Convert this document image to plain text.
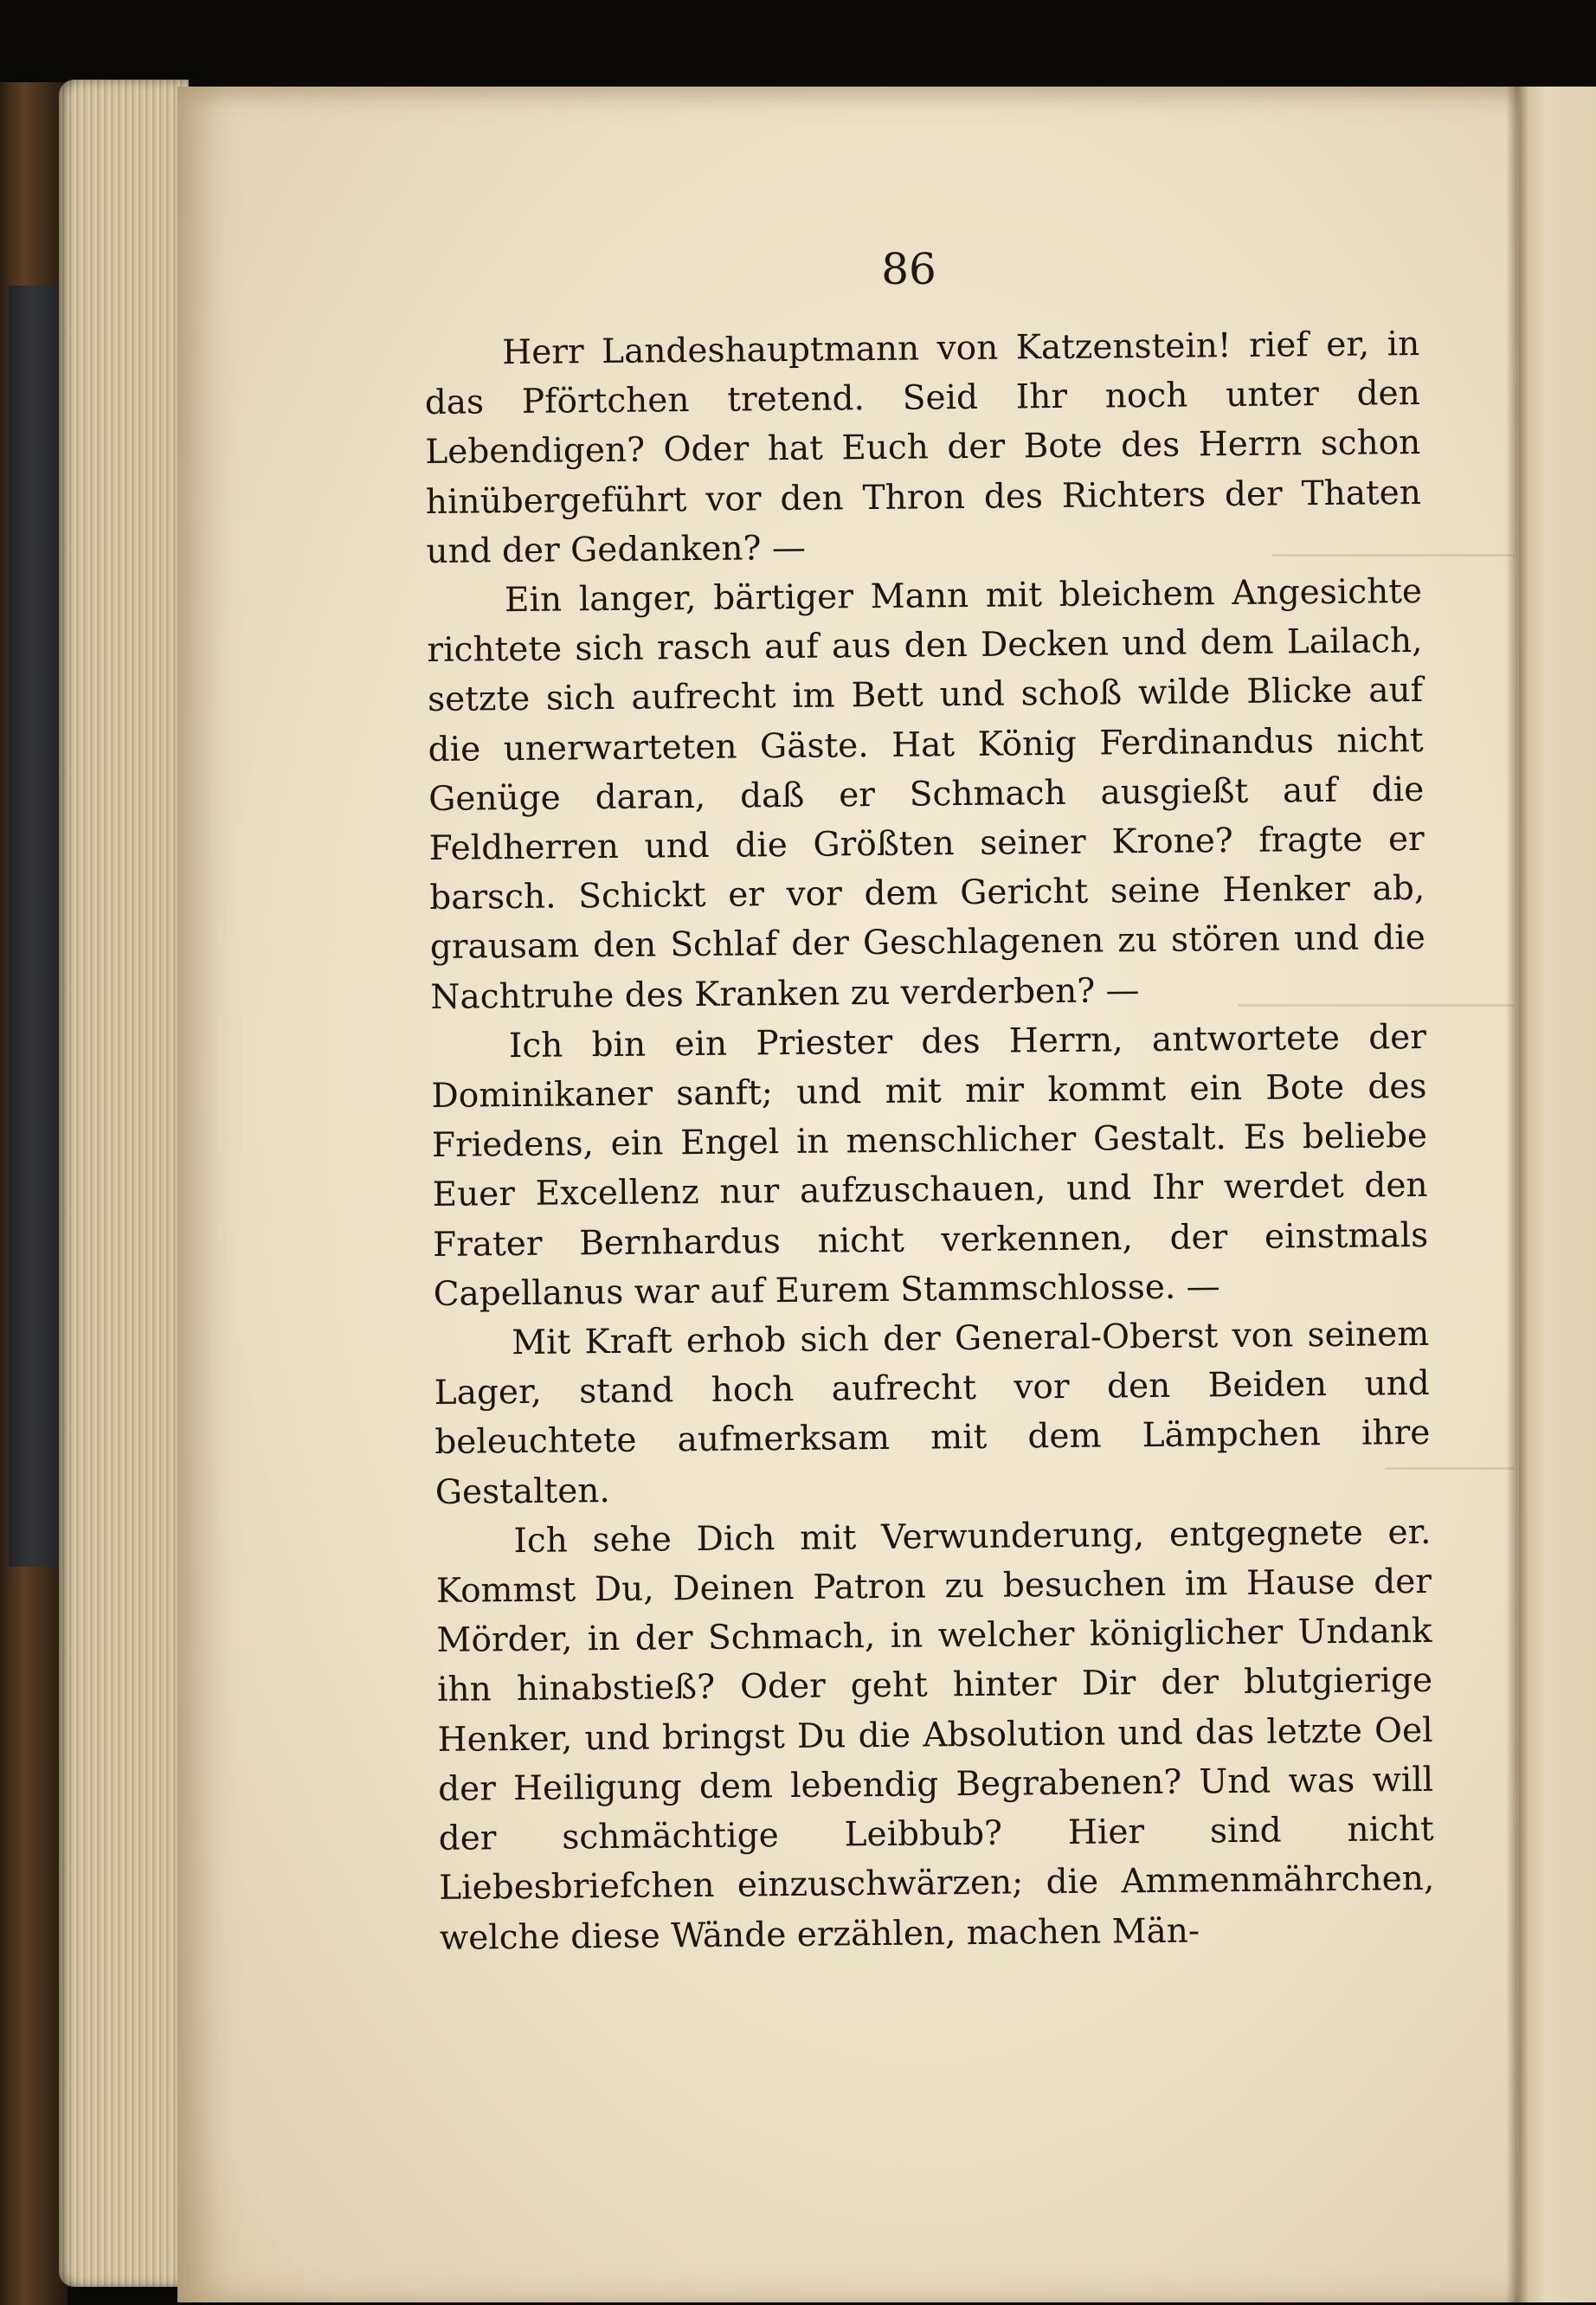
86

Herr Landeshauptmann von Katzenstein! rief er, in das Pförtchen tretend. Seid Ihr noch unter den Lebendigen? Oder hat Euch der Bote des Herrn schon hinübergeführt vor den Thron des Richters der Thaten und der Gedanken? —

Ein langer, bärtiger Mann mit bleichem Angesichte richtete sich rasch auf aus den Decken und dem Lailach, setzte sich aufrecht im Bett und schoß wilde Blicke auf die unerwarteten Gäste. Hat König Ferdinandus nicht Genüge daran, daß er Schmach ausgießt auf die Feldherren und die Größten seiner Krone? fragte er barsch. Schickt er vor dem Gericht seine Henker ab, grausam den Schlaf der Geschlagenen zu stören und die Nachtruhe des Kranken zu verderben? —

Ich bin ein Priester des Herrn, antwortete der Dominikaner sanft; und mit mir kommt ein Bote des Friedens, ein Engel in menschlicher Gestalt. Es beliebe Euer Excellenz nur aufzuschauen, und Ihr werdet den Frater Bernhardus nicht verkennen, der einstmals Capellanus war auf Eurem Stammschlosse. —

Mit Kraft erhob sich der General-Oberst von seinem Lager, stand hoch aufrecht vor den Beiden und beleuchtete aufmerksam mit dem Lämpchen ihre Gestalten.

Ich sehe Dich mit Verwunderung, entgegnete er. Kommst Du, Deinen Patron zu besuchen im Hause der Mörder, in der Schmach, in welcher königlicher Undank ihn hinabstieß? Oder geht hinter Dir der blutgierige Henker, und bringst Du die Absolution und das letzte Oel der Heiligung dem lebendig Begrabenen? Und was will der schmächtige Leibbub? Hier sind nicht Liebesbriefchen einzuschwärzen; die Ammenmährchen, welche diese Wände erzählen, machen Män-
